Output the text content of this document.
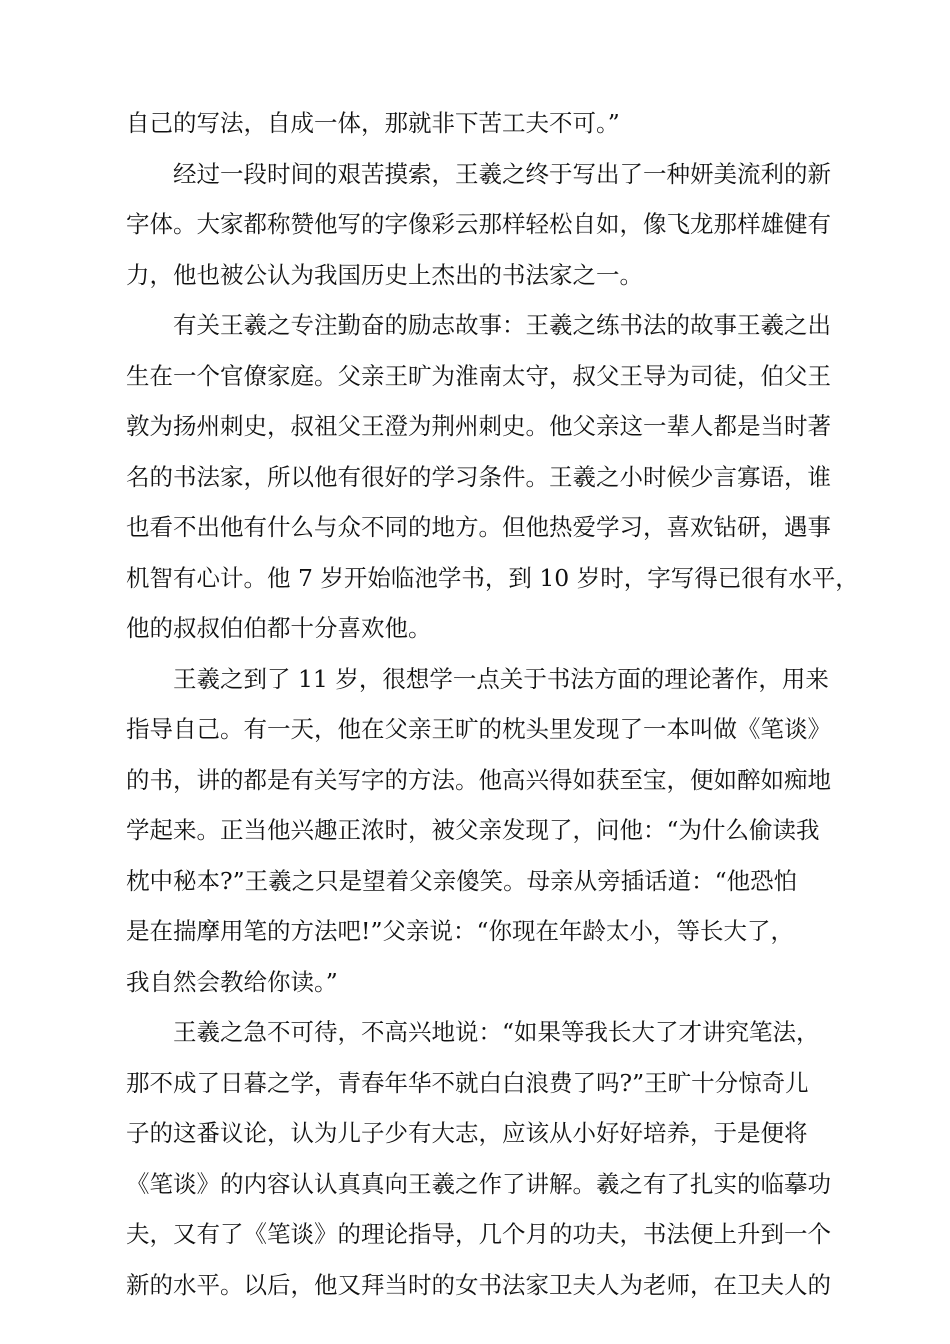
自己的写法，自成一体，那就非下苦工夫不可。”
经过一段时间的艰苦摸索，王羲之终于写出了一种妍美流利的新
字体。大家都称赞他写的字像彩云那样轻松自如，像飞龙那样雄健有
力，他也被公认为我国历史上杰出的书法家之一。
有关王羲之专注勤奋的励志故事：王羲之练书法的故事王羲之出
生在一个官僚家庭。父亲王旷为淮南太守，叔父王导为司徒，伯父王
敦为扬州刺史，叔祖父王澄为荆州刺史。他父亲这一辈人都是当时著
名的书法家，所以他有很好的学习条件。王羲之小时候少言寡语，谁
也看不出他有什么与众不同的地方。但他热爱学习，喜欢钻研，遇事
机智有心计。他 7 岁开始临池学书，到 10 岁时，字写得已很有水平，
他的叔叔伯伯都十分喜欢他。
王羲之到了 11 岁，很想学一点关于书法方面的理论著作，用来
指导自己。有一天，他在父亲王旷的枕头里发现了一本叫做《笔谈》
的书，讲的都是有关写字的方法。他高兴得如获至宝，便如醉如痴地
学起来。正当他兴趣正浓时，被父亲发现了，问他：“为什么偷读我
枕中秘本?”王羲之只是望着父亲傻笑。母亲从旁插话道：“他恐怕
是在揣摩用笔的方法吧!”父亲说：“你现在年龄太小，等长大了，
我自然会教给你读。”
王羲之急不可待，不高兴地说：“如果等我长大了才讲究笔法，
那不成了日暮之学，青春年华不就白白浪费了吗?”王旷十分惊奇儿
子的这番议论，认为儿子少有大志，应该从小好好培养，于是便将
《笔谈》的内容认认真真向王羲之作了讲解。羲之有了扎实的临摹功
夫，又有了《笔谈》的理论指导，几个月的功夫，书法便上升到一个
新的水平。以后，他又拜当时的女书法家卫夫人为老师，在卫夫人的
